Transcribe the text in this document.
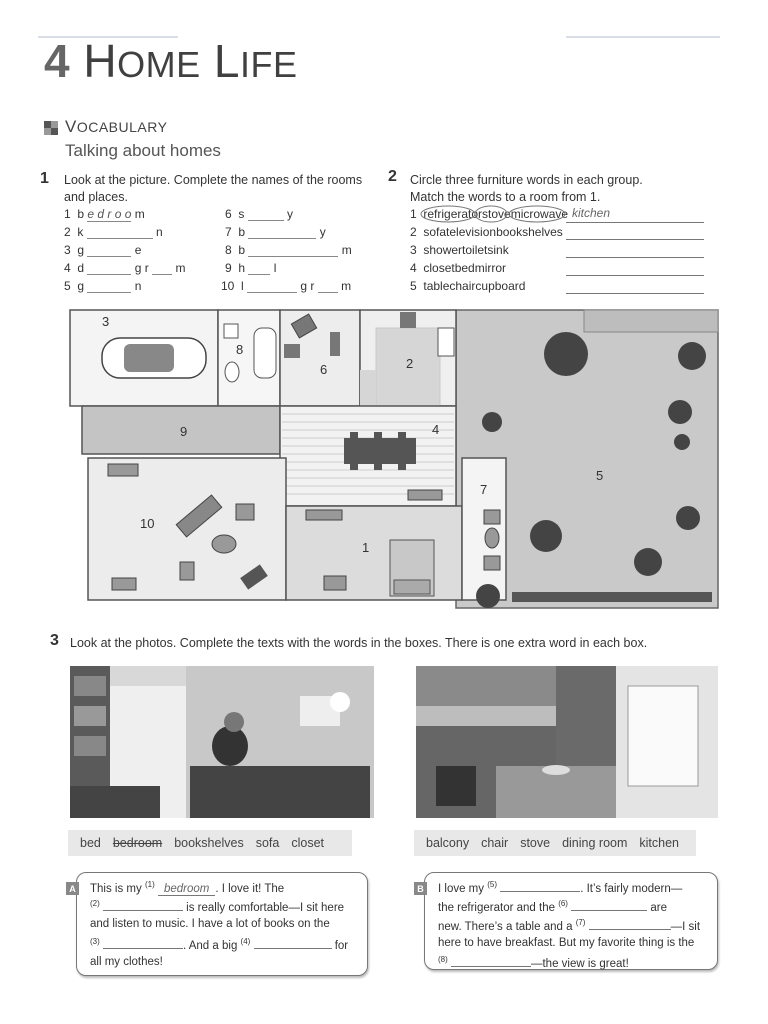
4 HOME LIFE
VOCABULARY
Talking about homes
1 Look at the picture. Complete the names of the rooms
and places.
1 b e d r o o m
2 k	n
3 g	e
4 d	g r m
5 g	n
6 s	y
7 b	y
8 b	m
9 h l
10 l	g r m
2 Circle three furniture words in each group.
Match the words to a room from 1.
1 refrigeratorstovemicrowave kitchen
2 sofatelevisionbookshelves
3 showertoiletsink
4 closetbedmirror
5 tablechaircupboard
3
8
6	2
9	4
5
7
10
1
3 Look at the photos. Complete the texts with the words in the boxes. There is one extra word in each box.
bed bedroom bookshelves sofa closet	balcony chair stove dining room kitchen
A This is my $^{(1)}$ bedroom . I love it! The
$^{(2)}$	is really comfortable—I sit here
and listen to music. I have a lot of books on the
$^{(3)}$	. And a big $^{(4)}$	for
all my clothes!
B I love my $^{(5)}$	. It’s fairly modern—
the refrigerator and the $^{(6)}$	are
new. There’s a table and a $^{(7)}$	—I sit
here to have breakfast. But my favorite thing is the
$^{(8)}$	—the view is great!
